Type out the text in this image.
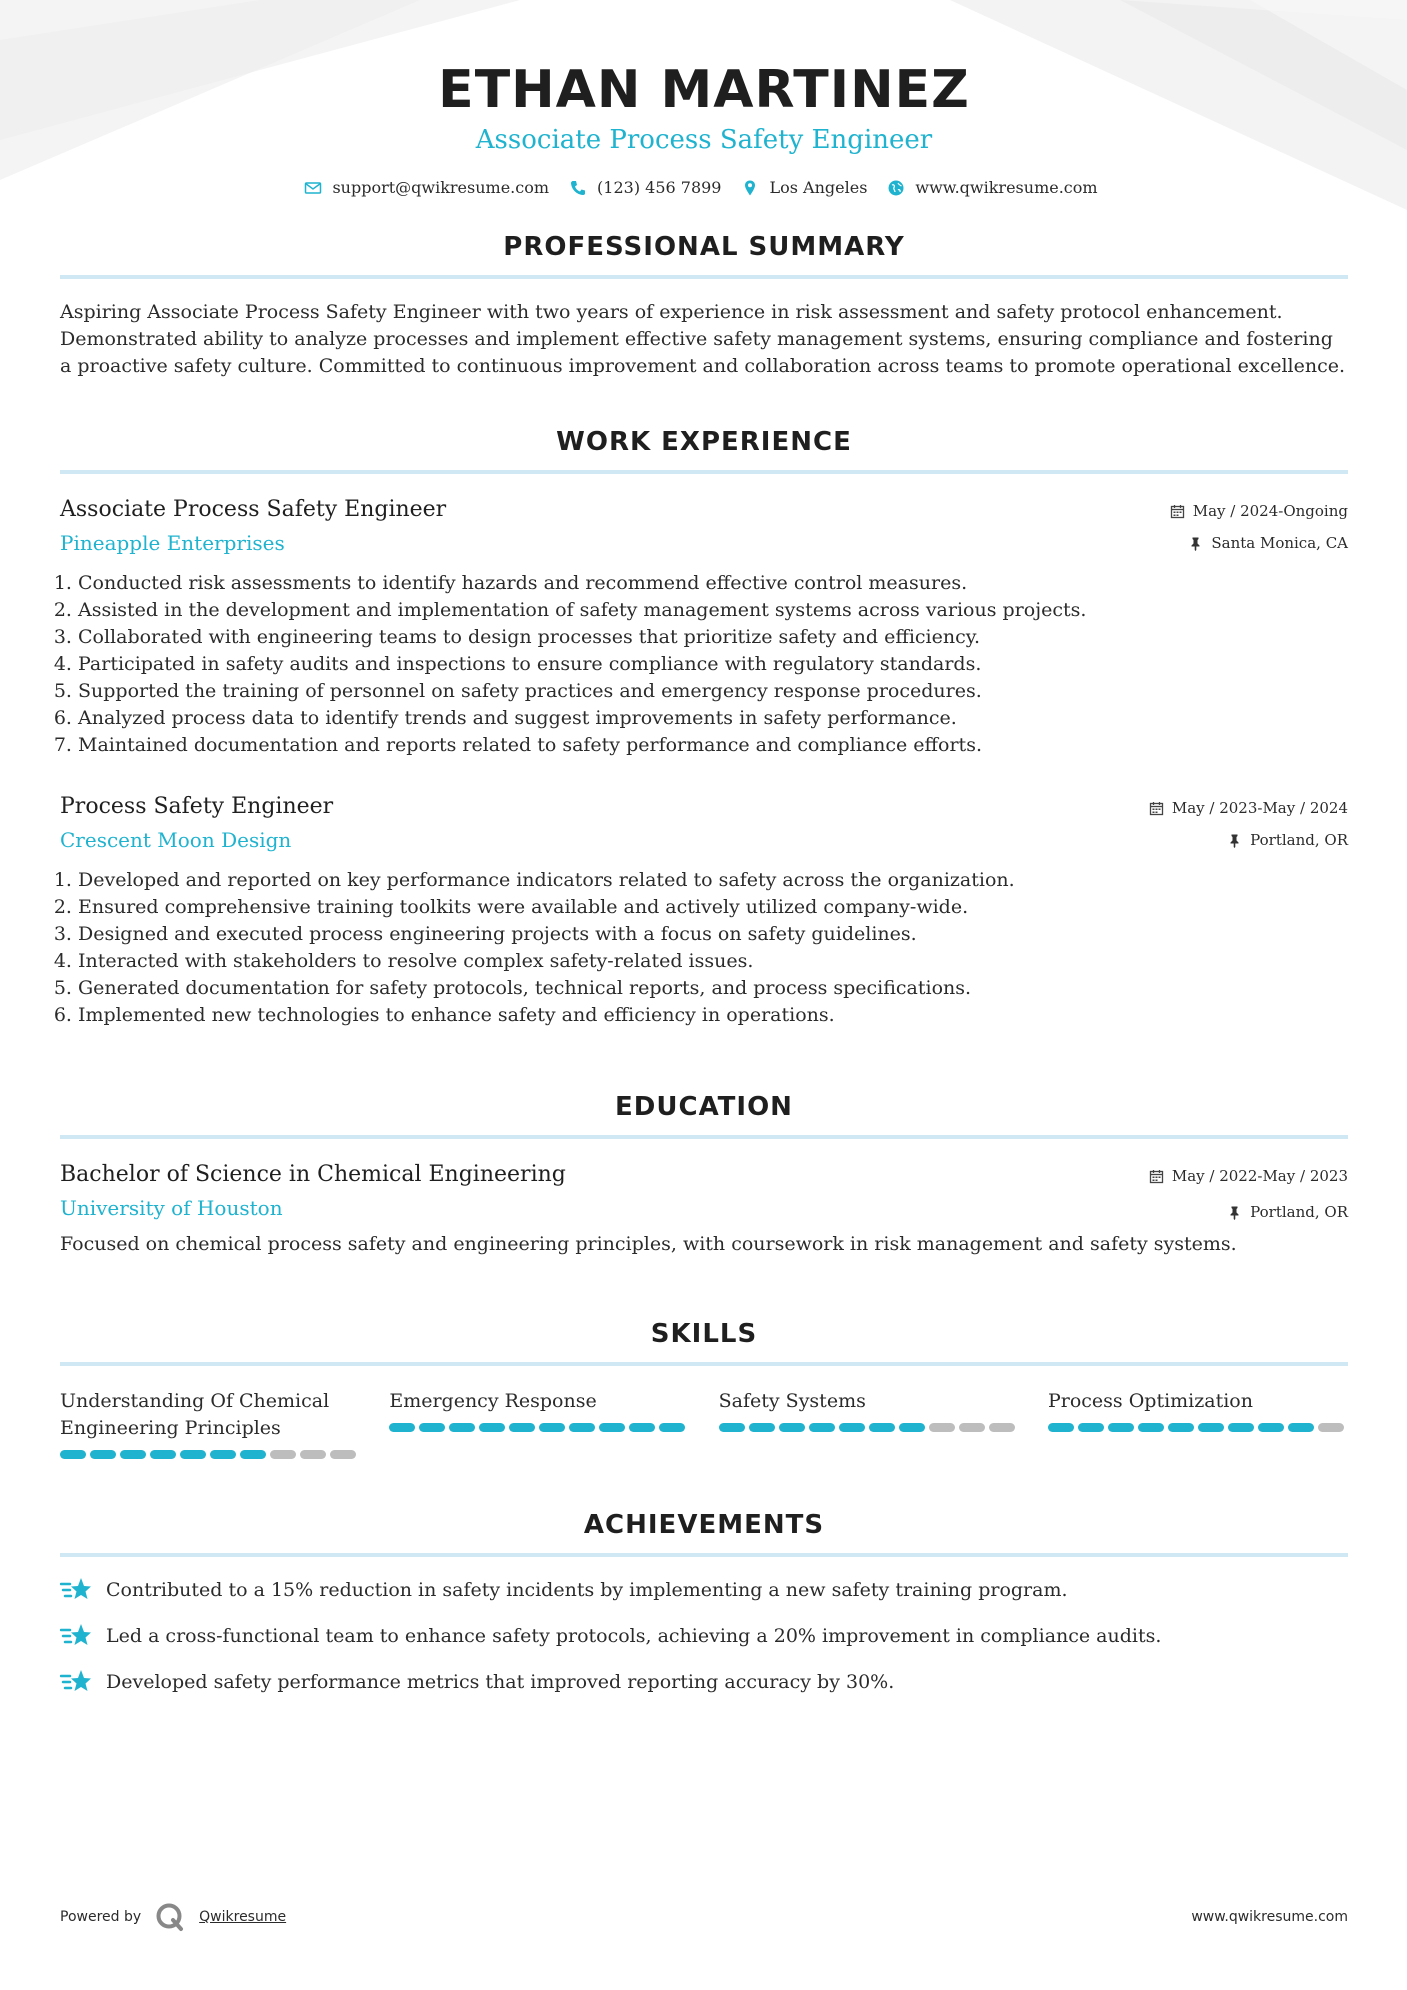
ETHAN MARTINEZ
Associate Process Safety Engineer
support@qwikresume.com	(123) 456 7899	Los Angeles	www.qwikresume.com
PROFESSIONAL SUMMARY
Aspiring Associate Process Safety Engineer with two years of experience in risk assessment and safety protocol enhancement. Demonstrated ability to analyze processes and implement effective safety management systems, ensuring compliance and fostering a proactive safety culture. Committed to continuous improvement and collaboration across teams to promote operational excellence.
WORK EXPERIENCE
Associate Process Safety Engineer
Pineapple Enterprises
May / 2024-Ongoing
Santa Monica, CA
1. Conducted risk assessments to identify hazards and recommend effective control measures.
2. Assisted in the development and implementation of safety management systems across various projects.
3. Collaborated with engineering teams to design processes that prioritize safety and efficiency.
4. Participated in safety audits and inspections to ensure compliance with regulatory standards.
5. Supported the training of personnel on safety practices and emergency response procedures.
6. Analyzed process data to identify trends and suggest improvements in safety performance.
7. Maintained documentation and reports related to safety performance and compliance efforts.
Process Safety Engineer
Crescent Moon Design
May / 2023-May / 2024
Portland, OR
1. Developed and reported on key performance indicators related to safety across the organization.
2. Ensured comprehensive training toolkits were available and actively utilized company-wide.
3. Designed and executed process engineering projects with a focus on safety guidelines.
4. Interacted with stakeholders to resolve complex safety-related issues.
5. Generated documentation for safety protocols, technical reports, and process specifications.
6. Implemented new technologies to enhance safety and efficiency in operations.
EDUCATION
Bachelor of Science in Chemical Engineering
University of Houston
May / 2022-May / 2023
Portland, OR
Focused on chemical process safety and engineering principles, with coursework in risk management and safety systems.
SKILLS
Understanding Of Chemical Engineering Principles
Emergency Response	Safety Systems	Process Optimization
ACHIEVEMENTS
Contributed to a 15% reduction in safety incidents by implementing a new safety training program.
Led a cross-functional team to enhance safety protocols, achieving a 20% improvement in compliance audits.
Developed safety performance metrics that improved reporting accuracy by 30%.
Powered by	Qwikresume	www.qwikresume.com
